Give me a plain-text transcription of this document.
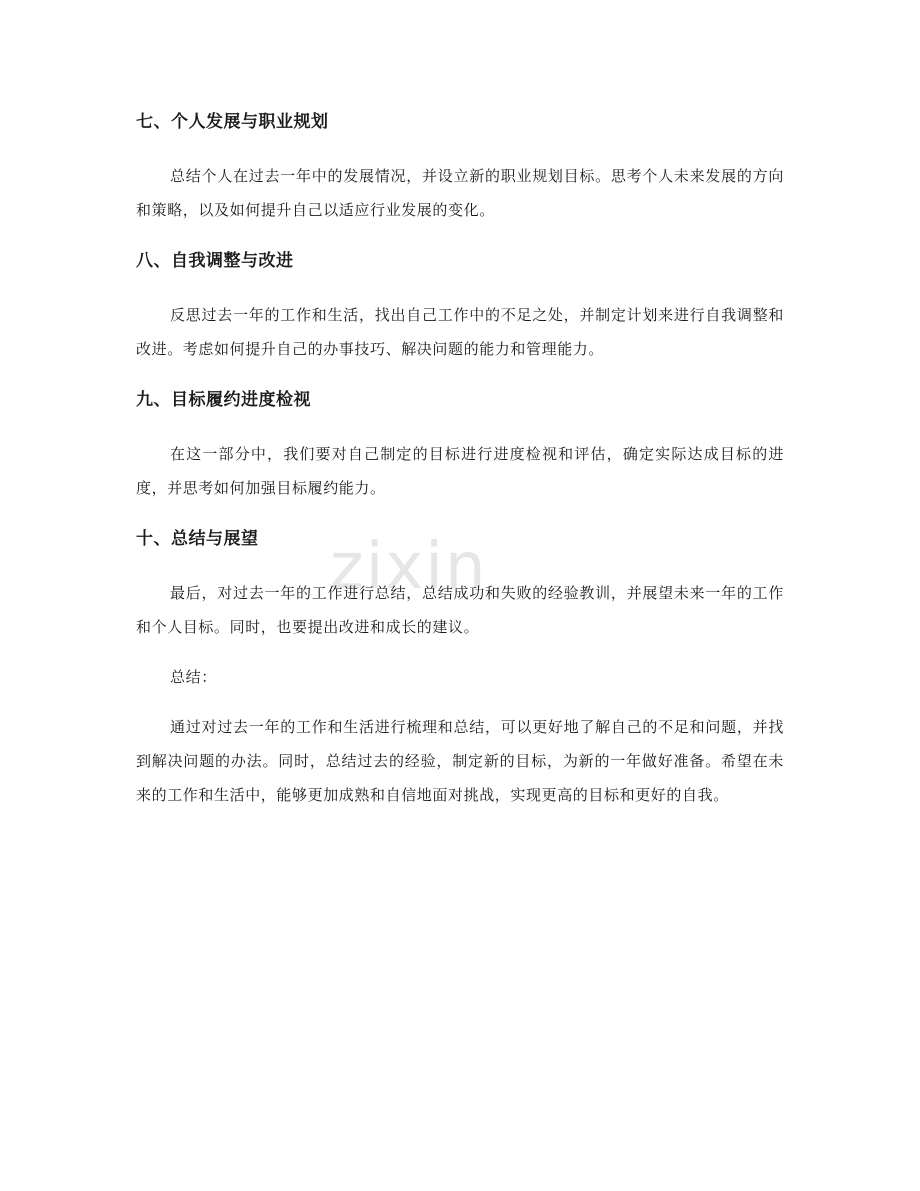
zixin
七、个人发展与职业规划

总结个人在过去一年中的发展情况，并设立新的职业规划目标。思考个人未来发展的方向和策略，以及如何提升自己以适应行业发展的变化。

八、自我调整与改进

反思过去一年的工作和生活，找出自己工作中的不足之处，并制定计划来进行自我调整和改进。考虑如何提升自己的办事技巧、解决问题的能力和管理能力。

九、目标履约进度检视

在这一部分中，我们要对自己制定的目标进行进度检视和评估，确定实际达成目标的进度，并思考如何加强目标履约能力。

十、总结与展望

最后，对过去一年的工作进行总结，总结成功和失败的经验教训，并展望未来一年的工作和个人目标。同时，也要提出改进和成长的建议。

总结：

通过对过去一年的工作和生活进行梳理和总结，可以更好地了解自己的不足和问题，并找到解决问题的办法。同时，总结过去的经验，制定新的目标，为新的一年做好准备。希望在未来的工作和生活中，能够更加成熟和自信地面对挑战，实现更高的目标和更好的自我。
